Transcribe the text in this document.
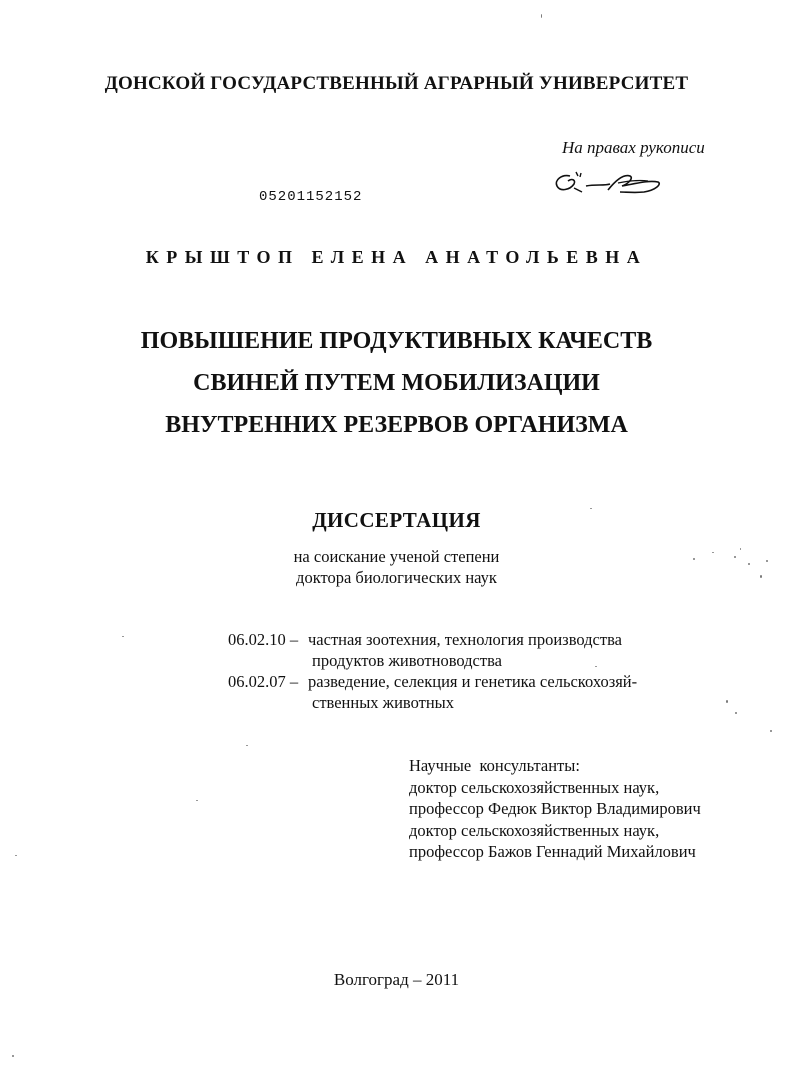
ДОНСКОЙ ГОСУДАРСТВЕННЫЙ АГРАРНЫЙ УНИВЕРСИТЕТ
На правах рукописи
05201152152
КРЫШТОП ЕЛЕНА АНАТОЛЬЕВНА
ПОВЫШЕНИЕ ПРОДУКТИВНЫХ КАЧЕСТВ
СВИНЕЙ ПУТЕМ МОБИЛИЗАЦИИ
ВНУТРЕННИХ РЕЗЕРВОВ ОРГАНИЗМА
ДИССЕРТАЦИЯ
на соискание ученой степени
доктора биологических наук
06.02.10 – частная зоотехния, технология производства
продуктов животноводства
06.02.07 – разведение, селекция и генетика сельскохозяй-
ственных животных
Научные  консультанты:
доктор сельскохозяйственных наук,
профессор Федюк Виктор Владимирович
доктор сельскохозяйственных наук,
профессор Бажов Геннадий Михайлович
Волгоград – 2011
